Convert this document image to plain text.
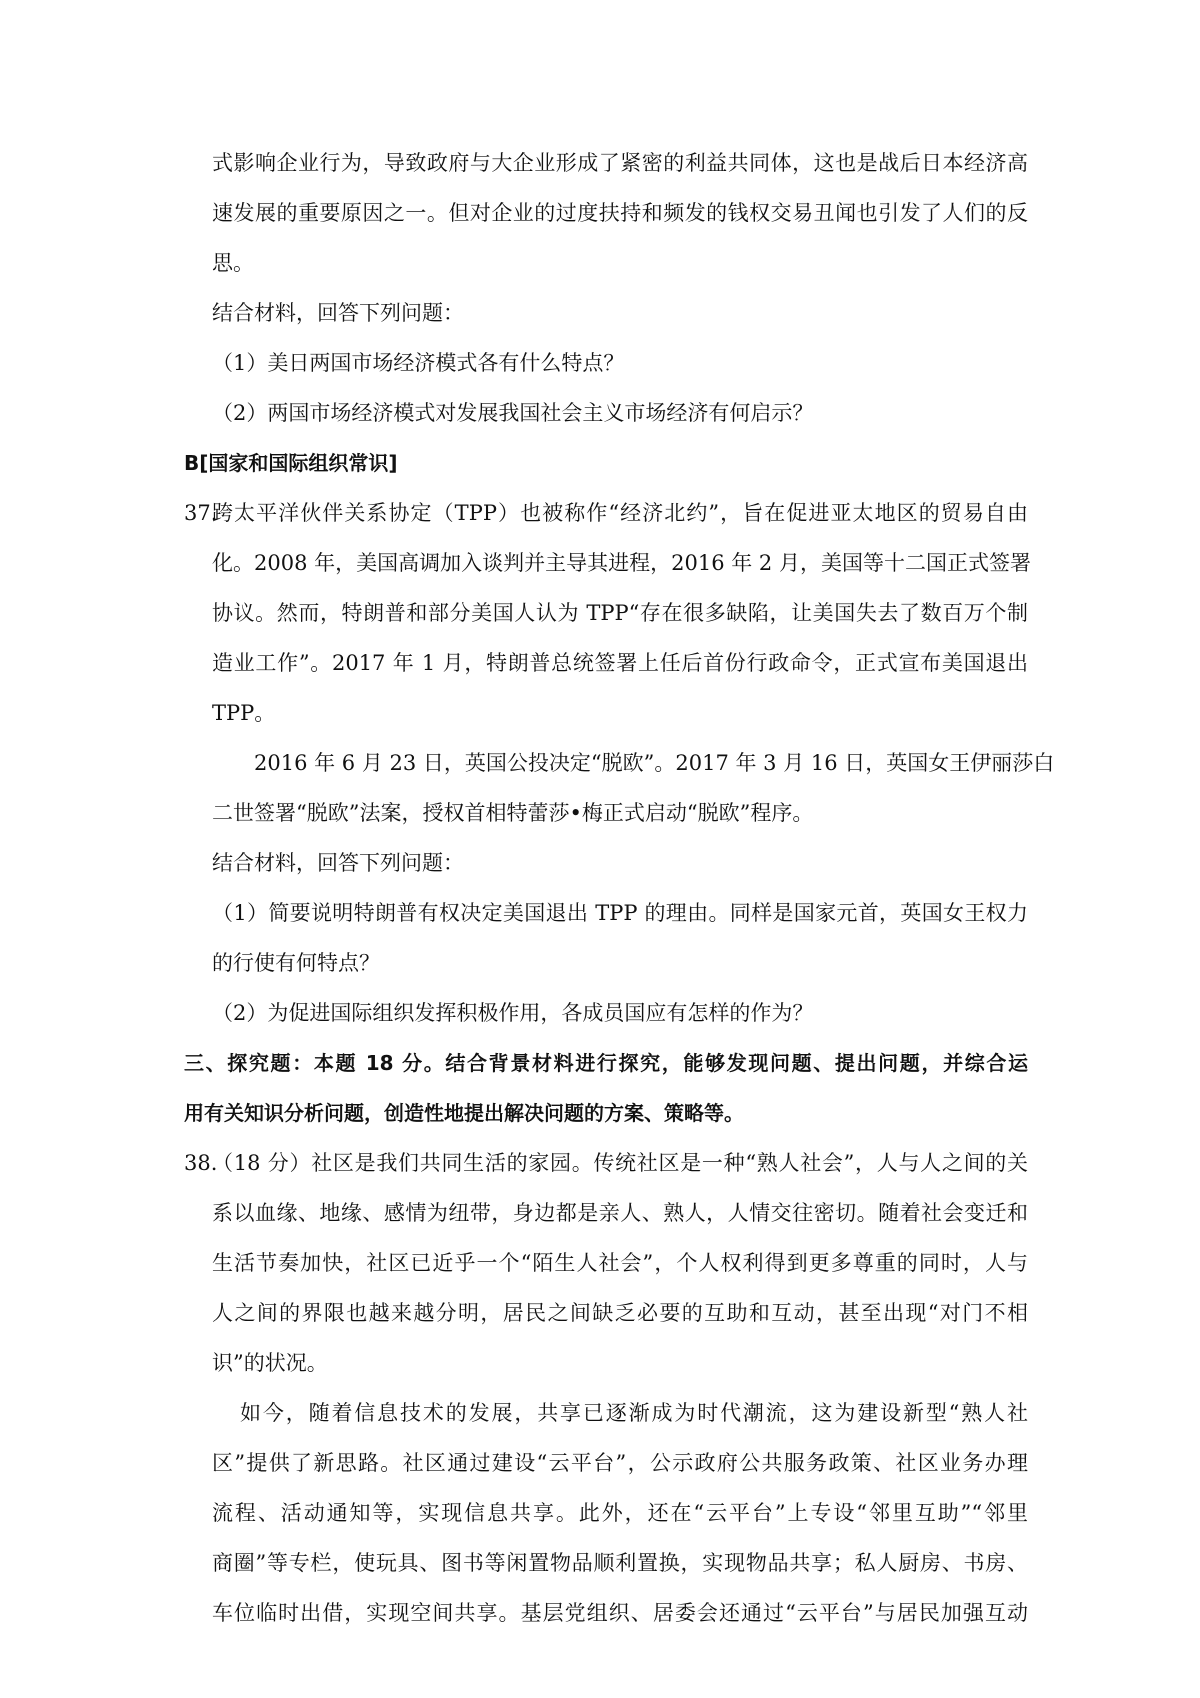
式影响企业行为，导致政府与大企业形成了紧密的利益共同体，这也是战后日本经济高
速发展的重要原因之一。但对企业的过度扶持和频发的钱权交易丑闻也引发了人们的反
思。
结合材料，回答下列问题：
（1）美日两国市场经济模式各有什么特点？
（2）两国市场经济模式对发展我国社会主义市场经济有何启示？
B[国家和国际组织常识]
37.
跨太平洋伙伴关系协定（TPP）也被称作“经济北约”，旨在促进亚太地区的贸易自由
化。2008 年，美国高调加入谈判并主导其进程，2016 年 2 月，美国等十二国正式签署
协议。然而，特朗普和部分美国人认为 TPP“存在很多缺陷，让美国失去了数百万个制
造业工作”。2017 年 1 月，特朗普总统签署上任后首份行政命令，正式宣布美国退出
TPP。
2016 年 6 月 23 日，英国公投决定“脱欧”。2017 年 3 月 16 日，英国女王伊丽莎白
二世签署“脱欧”法案，授权首相特蕾莎•梅正式启动“脱欧”程序。
结合材料，回答下列问题：
（1）简要说明特朗普有权决定美国退出 TPP 的理由。同样是国家元首，英国女王权力
的行使有何特点？
（2）为促进国际组织发挥积极作用，各成员国应有怎样的作为？
三、探究题：本题 18 分。结合背景材料进行探究，能够发现问题、提出问题，并综合运
用有关知识分析问题，创造性地提出解决问题的方案、策略等。
38.
（18 分）社区是我们共同生活的家园。传统社区是一种“熟人社会”，人与人之间的关
系以血缘、地缘、感情为纽带，身边都是亲人、熟人，人情交往密切。随着社会变迁和
生活节奏加快，社区已近乎一个“陌生人社会”，个人权利得到更多尊重的同时，人与
人之间的界限也越来越分明，居民之间缺乏必要的互助和互动，甚至出现“对门不相
识”的状况。
如今，随着信息技术的发展，共享已逐渐成为时代潮流，这为建设新型“熟人社
区”提供了新思路。社区通过建设“云平台”，公示政府公共服务政策、社区业务办理
流程、活动通知等，实现信息共享。此外，还在“云平台”上专设“邻里互助”“邻里
商圈”等专栏，使玩具、图书等闲置物品顺利置换，实现物品共享；私人厨房、书房、
车位临时出借，实现空间共享。基层党组织、居委会还通过“云平台”与居民加强互动
